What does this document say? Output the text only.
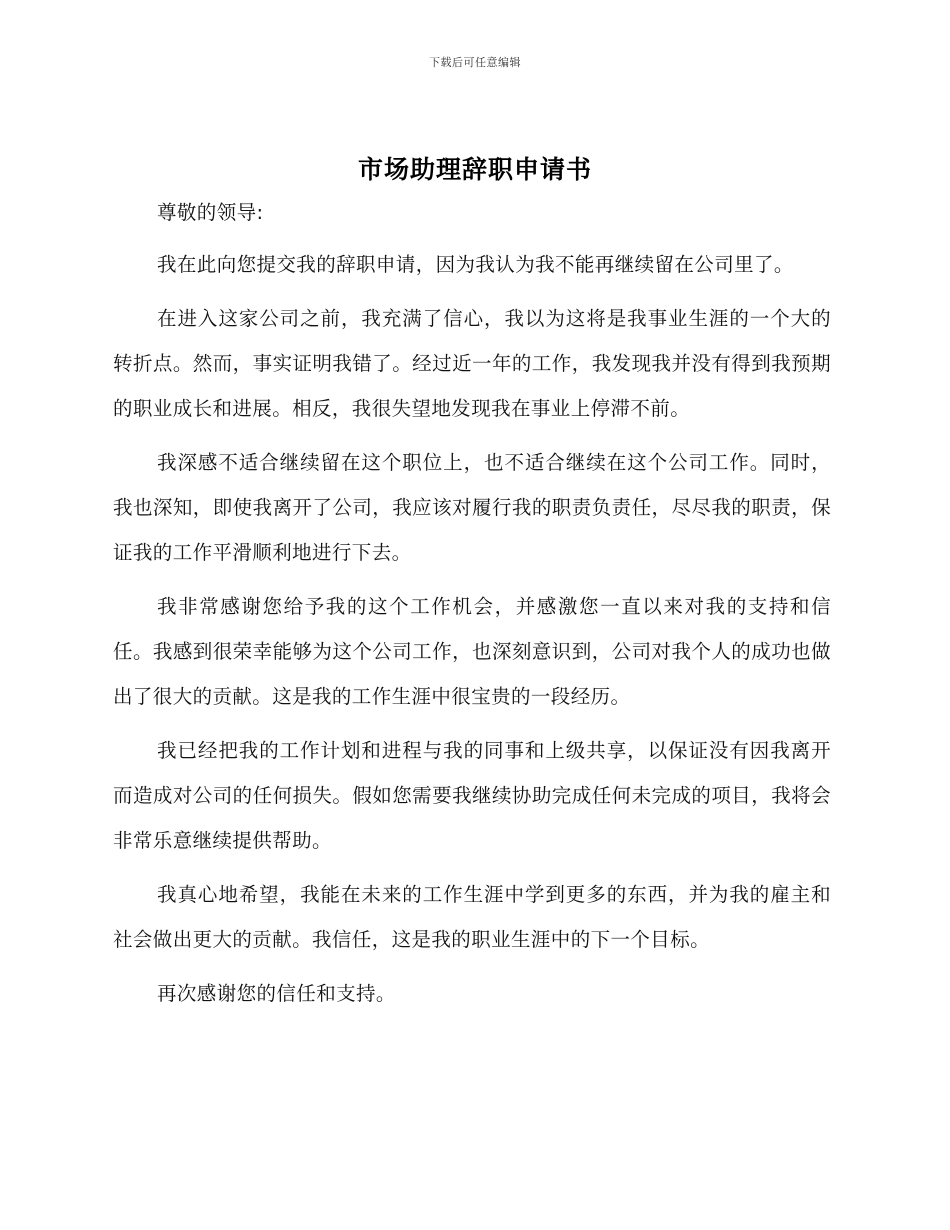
下载后可任意编辑
市场助理辞职申请书

尊敬的领导:

我在此向您提交我的辞职申请，因为我认为我不能再继续留在公司里了。

在进入这家公司之前，我充满了信心，我以为这将是我事业生涯的一个大的转折点。然而，事实证明我错了。经过近一年的工作，我发现我并没有得到我预期的职业成长和进展。相反，我很失望地发现我在事业上停滞不前。

我深感不适合继续留在这个职位上，也不适合继续在这个公司工作。同时，我也深知，即使我离开了公司，我应该对履行我的职责负责任，尽尽我的职责，保证我的工作平滑顺利地进行下去。

我非常感谢您给予我的这个工作机会，并感激您一直以来对我的支持和信任。我感到很荣幸能够为这个公司工作，也深刻意识到，公司对我个人的成功也做出了很大的贡献。这是我的工作生涯中很宝贵的一段经历。

我已经把我的工作计划和进程与我的同事和上级共享，以保证没有因我离开而造成对公司的任何损失。假如您需要我继续协助完成任何未完成的项目，我将会非常乐意继续提供帮助。

我真心地希望，我能在未来的工作生涯中学到更多的东西，并为我的雇主和社会做出更大的贡献。我信任，这是我的职业生涯中的下一个目标。

再次感谢您的信任和支持。
